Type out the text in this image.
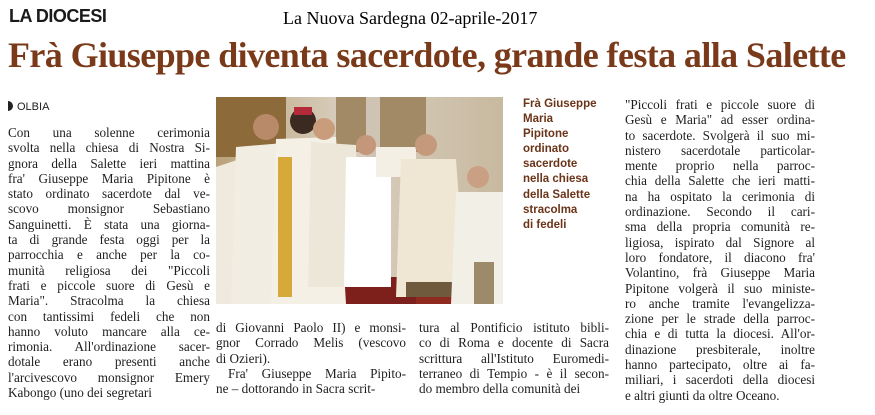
LA DIOCESI	La Nuova Sardegna 02-aprile-2017
Frà Giuseppe diventa sacerdote, grande festa alla Salette
OLBIA
Con una solenne cerimonia
svolta nella chiesa di Nostra Si-
gnora della Salette ieri mattina
fra' Giuseppe Maria Pipitone è
stato ordinato sacerdote dal ve-
scovo monsignor Sebastiano
Sanguinetti. È stata una giorna-
ta di grande festa oggi per la
parrocchia e anche per la co-
munità religiosa dei "Piccoli
frati e piccole suore di Gesù e
Maria". Stracolma la chiesa
con tantissimi fedeli che non
hanno voluto mancare alla ce-
rimonia. All'ordinazione sacer-
dotale erano presenti anche
l'arcivescovo monsignor Emery
Kabongo (uno dei segretari
di Giovanni Paolo II) e monsi-
gnor Corrado Melis (vescovo
di Ozieri).
Fra' Giuseppe Maria Pipito-
ne – dottorando in Sacra scrit-
tura al Pontificio istituto bibli-
co di Roma e docente di Sacra
scrittura all'Istituto Euromedi-
terraneo di Tempio - è il secon-
do membro della comunità dei
"Piccoli frati e piccole suore di
Gesù e Maria" ad esser ordina-
to sacerdote. Svolgerà il suo mi-
nistero sacerdotale particolar-
mente proprio nella parroc-
chia della Salette che ieri matti-
na ha ospitato la cerimonia di
ordinazione. Secondo il cari-
sma della propria comunità re-
ligiosa, ispirato dal Signore al
loro fondatore, il diacono fra'
Volantino, frà Giuseppe Maria
Pipitone volgerà il suo ministe-
ro anche tramite l'evangelizza-
zione per le strade della parroc-
chia e di tutta la diocesi. All'or-
dinazione presbiterale, inoltre
hanno partecipato, oltre ai fa-
miliari, i sacerdoti della diocesi
e altri giunti da oltre Oceano.
Frà Giuseppe
Maria
Pipitone
ordinato
sacerdote
nella chiesa
della Salette
stracolma
di fedeli
